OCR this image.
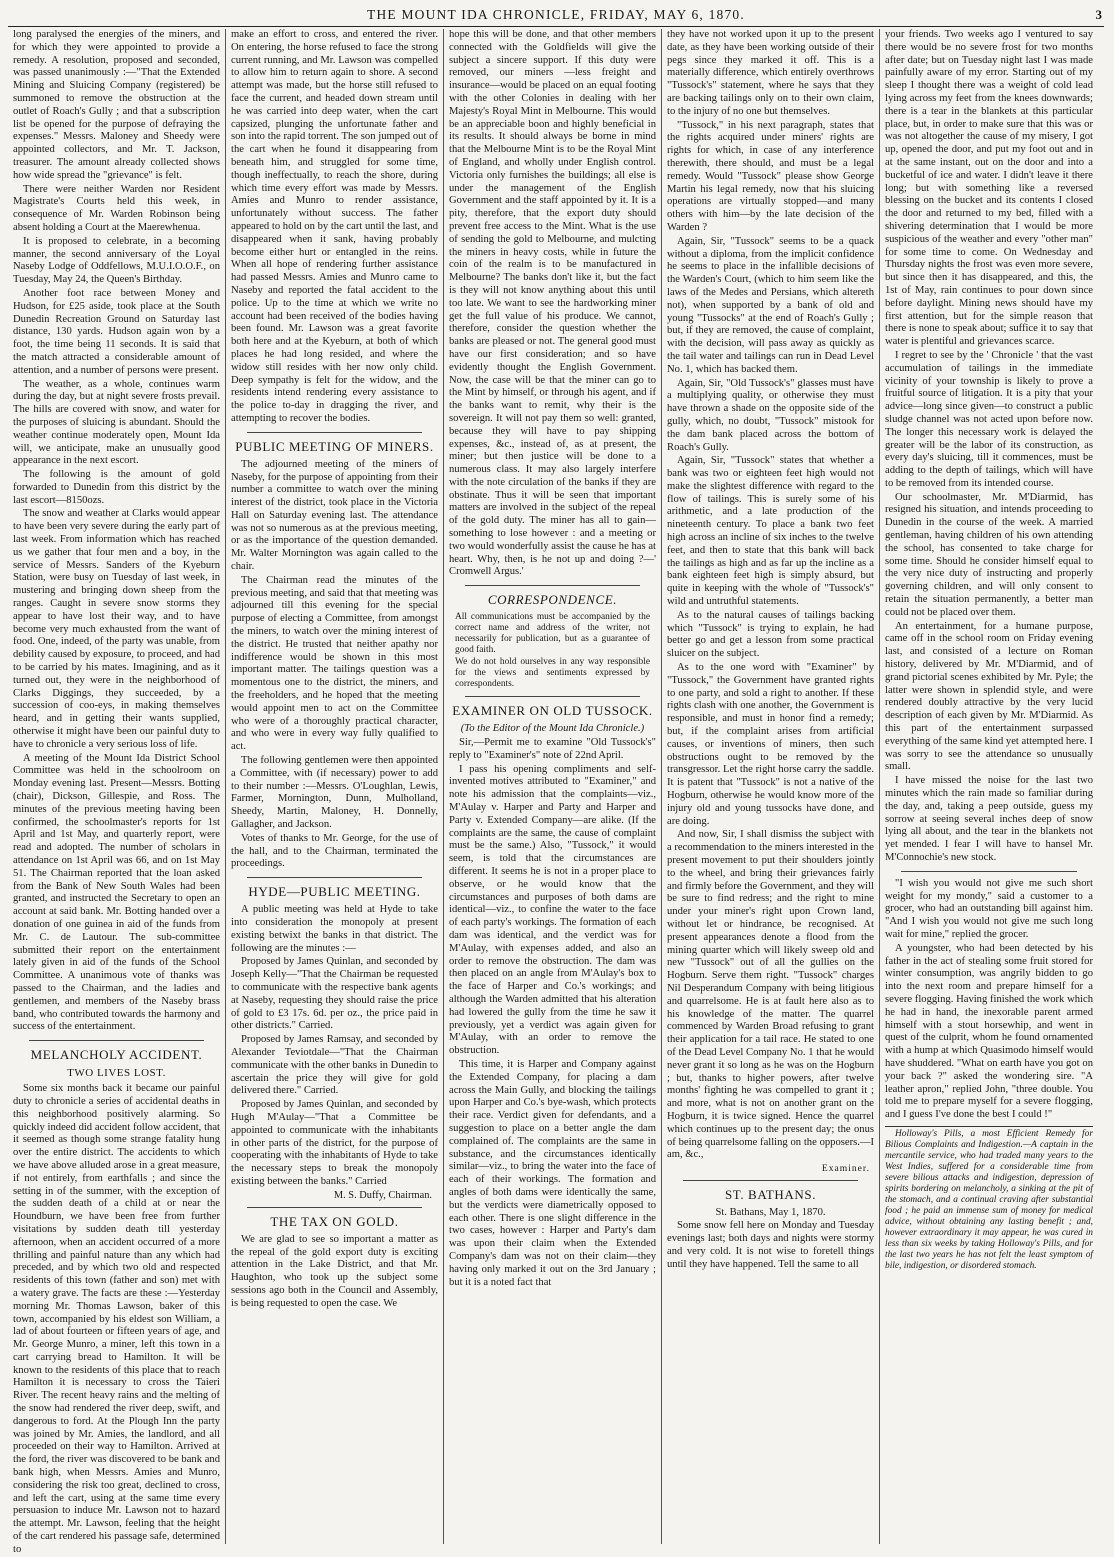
THE MOUNT IDA CHRONICLE, FRIDAY, MAY 6, 1870.	3

long paralysed the energies of the miners, and for which they were appointed to provide a remedy. A resolution, proposed and seconded, was passed unanimously :—"That the Extended Mining and Sluicing Company (registered) be summoned to remove the obstruction at the outlet of Roach's Gully ; and that a subscription list be opened for the purpose of defraying the expenses." Messrs. Maloney and Sheedy were appointed collectors, and Mr. T. Jackson, treasurer. The amount already collected shows how wide spread the "grievance" is felt.

There were neither Warden nor Resident Magistrate's Courts held this week, in consequence of Mr. Warden Robinson being absent holding a Court at the Maerewhenua.

It is proposed to celebrate, in a becoming manner, the second anniversary of the Loyal Naseby Lodge of Oddfellows, M.U.I.O.O.F., on Tuesday, May 24, the Queen's Birthday.

Another foot race between Money and Hudson, for £25 aside, took place at the South Dunedin Recreation Ground on Saturday last distance, 130 yards. Hudson again won by a foot, the time being 11 seconds. It is said that the match attracted a considerable amount of attention, and a number of persons were present.

The weather, as a whole, continues warm during the day, but at night severe frosts prevail. The hills are covered with snow, and water for the purposes of sluicing is abundant. Should the weather continue moderately open, Mount Ida will, we anticipate, make an unusually good appearance in the next escort.

The following is the amount of gold forwarded to Dunedin from this district by the last escort—8150ozs.

The snow and weather at Clarks would appear to have been very severe during the early part of last week. From information which has reached us we gather that four men and a boy, in the service of Messrs. Sanders of the Kyeburn Station, were busy on Tuesday of last week, in mustering and bringing down sheep from the ranges. Caught in severe snow storms they appear to have lost their way, and to have become very much exhausted from the want of food. One, indeed, of the party was unable, from debility caused by exposure, to proceed, and had to be carried by his mates. Imagining, and as it turned out, they were in the neighborhood of Clarks Diggings, they succeeded, by a succession of coo-eys, in making themselves heard, and in getting their wants supplied, otherwise it might have been our painful duty to have to chronicle a very serious loss of life.

A meeting of the Mount Ida District School Committee was held in the schoolroom on Monday evening last. Present—Messrs. Botting (chair), Dickson, Gillespie, and Ross. The minutes of the previous meeting having been confirmed, the schoolmaster's reports for 1st April and 1st May, and quarterly report, were read and adopted. The number of scholars in attendance on 1st April was 66, and on 1st May 51. The Chairman reported that the loan asked from the Bank of New South Wales had been granted, and instructed the Secretary to open an account at said bank. Mr. Botting handed over a donation of one guinea in aid of the funds from Mr. C. de Lautour. The sub-committee submitted their report on the entertainment lately given in aid of the funds of the School Committee. A unanimous vote of thanks was passed to the Chairman, and the ladies and gentlemen, and members of the Naseby brass band, who contributed towards the harmony and success of the entertainment.

MELANCHOLY ACCIDENT.
TWO LIVES LOST.

Some six months back it became our painful duty to chronicle a series of accidental deaths in this neighborhood positively alarming. So quickly indeed did accident follow accident, that it seemed as though some strange fatality hung over the entire district. The accidents to which we have above alluded arose in a great measure, if not entirely, from earthfalls ; and since the setting in of the summer, with the exception of the sudden death of a child at or near the Houndburn, we have been free from further visitations by sudden death till yesterday afternoon, when an accident occurred of a more thrilling and painful nature than any which had preceded, and by which two old and respected residents of this town (father and son) met with a watery grave. The facts are these :—Yesterday morning Mr. Thomas Lawson, baker of this town, accompanied by his eldest son William, a lad of about fourteen or fifteen years of age, and Mr. George Munro, a miner, left this town in a cart carrying bread to Hamilton. It will be known to the residents of this place that to reach Hamilton it is necessary to cross the Taieri River. The recent heavy rains and the melting of the snow had rendered the river deep, swift, and dangerous to ford. At the Plough Inn the party was joined by Mr. Amies, the landlord, and all proceeded on their way to Hamilton. Arrived at the ford, the river was discovered to be bank and bank high, when Messrs. Amies and Munro, considering the risk too great, declined to cross, and left the cart, using at the same time every persuasion to induce Mr. Lawson not to hazard the attempt. Mr. Lawson, feeling that the height of the cart rendered his passage safe, determined to

make an effort to cross, and entered the river. On entering, the horse refused to face the strong current running, and Mr. Lawson was compelled to allow him to return again to shore. A second attempt was made, but the horse still refused to face the current, and headed down stream until he was carried into deep water, when the cart capsized, plunging the unfortunate father and son into the rapid torrent. The son jumped out of the cart when he found it disappearing from beneath him, and struggled for some time, though ineffectually, to reach the shore, during which time every effort was made by Messrs. Amies and Munro to render assistance, unfortunately without success. The father appeared to hold on by the cart until the last, and disappeared when it sank, having probably become either hurt or entangled in the reins. When all hope of rendering further assistance had passed Messrs. Amies and Munro came to Naseby and reported the fatal accident to the police. Up to the time at which we write no account had been received of the bodies having been found. Mr. Lawson was a great favorite both here and at the Kyeburn, at both of which places he had long resided, and where the widow still resides with her now only child. Deep sympathy is felt for the widow, and the residents intend rendering every assistance to the police to-day in dragging the river, and attempting to recover the bodies.

PUBLIC MEETING OF MINERS.

The adjourned meeting of the miners of Naseby, for the purpose of appointing from their number a committee to watch over the mining interest of the district, took place in the Victoria Hall on Saturday evening last. The attendance was not so numerous as at the previous meeting, or as the importance of the question demanded. Mr. Walter Mornington was again called to the chair.

The Chairman read the minutes of the previous meeting, and said that that meeting was adjourned till this evening for the special purpose of electing a Committee, from amongst the miners, to watch over the mining interest of the district. He trusted that neither apathy nor indifference would be shown in this most important matter. The tailings question was a momentous one to the district, the miners, and the freeholders, and he hoped that the meeting would appoint men to act on the Committee who were of a thoroughly practical character, and who were in every way fully qualified to act.

The following gentlemen were then appointed a Committee, with (if necessary) power to add to their number :—Messrs. O'Loughlan, Lewis, Farmer, Mornington, Dunn, Mulholland, Sheedy, Martin, Maloney, H. Donnelly, Gallagher, and Jackson.

Votes of thanks to Mr. George, for the use of the hall, and to the Chairman, terminated the proceedings.

HYDE—PUBLIC MEETING.

A public meeting was held at Hyde to take into consideration the monopoly at present existing betwixt the banks in that district. The following are the minutes :—

Proposed by James Quinlan, and seconded by Joseph Kelly—"That the Chairman be requested to communicate with the respective bank agents at Naseby, requesting they should raise the price of gold to £3 17s. 6d. per oz., the price paid in other districts." Carried.

Proposed by James Ramsay, and seconded by Alexander Teviotdale—"That the Chairman communicate with the other banks in Dunedin to ascertain the price they will give for gold delivered there." Carried.

Proposed by James Quinlan, and seconded by Hugh M'Aulay—"That a Committee be appointed to communicate with the inhabitants in other parts of the district, for the purpose of cooperating with the inhabitants of Hyde to take the necessary steps to break the monopoly existing between the banks." Carried

M. S. Duffy, Chairman.
THE TAX ON GOLD.

We are glad to see so important a matter as the repeal of the gold export duty is exciting attention in the Lake District, and that Mr. Haughton, who took up the subject some sessions ago both in the Council and Assembly, is being requested to open the case. We

hope this will be done, and that other members connected with the Goldfields will give the subject a sincere support. If this duty were removed, our miners —less freight and insurance—would be placed on an equal footing with the other Colonies in dealing with her Majesty's Royal Mint in Melbourne. This would be an appreciable boon and highly beneficial in its results. It should always be borne in mind that the Melbourne Mint is to be the Royal Mint of England, and wholly under English control. Victoria only furnishes the buildings; all else is under the management of the English Government and the staff appointed by it. It is a pity, therefore, that the export duty should prevent free access to the Mint. What is the use of sending the gold to Melbourne, and mulcting the miners in heavy costs, while in future the coin of the realm is to be manufactured in Melbourne? The banks don't like it, but the fact is they will not know anything about this until too late. We want to see the hardworking miner get the full value of his produce. We cannot, therefore, consider the question whether the banks are pleased or not. The general good must have our first consideration; and so have evidently thought the English Government. Now, the case will be that the miner can go to the Mint by himself, or through his agent, and if the banks want to remit, why their is the sovereign. It will not pay them so well: granted, because they will have to pay shipping expenses, &c., instead of, as at present, the miner; but then justice will be done to a numerous class. It may also largely interfere with the note circulation of the banks if they are obstinate. Thus it will be seen that important matters are involved in the subject of the repeal of the gold duty. The miner has all to gain—something to lose however : and a meeting or two would wonderfully assist the cause he has at heart. Why, then, is he not up and doing ?—' Cromwell Argus.'

CORRESPONDENCE.

All communications must be accompanied by the correct name and address of the writer, not necessarily for publication, but as a guarantee of good faith.

We do not hold ourselves in any way responsible for the views and sentiments expressed by correspondents.

EXAMINER ON OLD TUSSOCK.

(To the Editor of the Mount Ida Chronicle.)

Sir,—Permit me to examine "Old Tussock's" reply to "Examiner's" note of 22nd April.

I pass his opening compliments and self-invented motives attributed to "Examiner," and note his admission that the complaints—viz., M'Aulay v. Harper and Party and Harper and Party v. Extended Company—are alike. (If the complaints are the same, the cause of complaint must be the same.) Also, "Tussock," it would seem, is told that the circumstances are different. It seems he is not in a proper place to observe, or he would know that the circumstances and purposes of both dams are identical—viz., to confine the water to the face of each party's workings. The formation of each dam was identical, and the verdict was for M'Aulay, with expenses added, and also an order to remove the obstruction. The dam was then placed on an angle from M'Aulay's box to the face of Harper and Co.'s workings; and although the Warden admitted that his alteration had lowered the gully from the time he saw it previously, yet a verdict was again given for M'Aulay, with an order to remove the obstruction.

This time, it is Harper and Company against the Extended Company, for placing a dam across the Main Gully, and blocking the tailings upon Harper and Co.'s bye-wash, which protects their race. Verdict given for defendants, and a suggestion to place on a better angle the dam complained of. The complaints are the same in substance, and the circumstances identically similar—viz., to bring the water into the face of each of their workings. The formation and angles of both dams were identically the same, but the verdicts were diametrically opposed to each other. There is one slight difference in the two cases, however : Harper and Party's dam was upon their claim when the Extended Company's dam was not on their claim—they having only marked it out on the 3rd January ; but it is a noted fact that

they have not worked upon it up to the present date, as they have been working outside of their pegs since they marked it off. This is a materially difference, which entirely overthrows "Tussock's" statement, where he says that they are backing tailings only on to their own claim, to the injury of no one but themselves.

"Tussock," in his next paragraph, states that the rights acquired under miners' rights are rights for which, in case of any interference therewith, there should, and must be a legal remedy. Would "Tussock" please show George Martin his legal remedy, now that his sluicing operations are virtually stopped—and many others with him—by the late decision of the Warden ?

Again, Sir, "Tussock" seems to be a quack without a diploma, from the implicit confidence he seems to place in the infallible decisions of the Warden's Court, (which to him seem like the laws of the Medes and Persians, which altereth not), when supported by a bank of old and young "Tussocks" at the end of Roach's Gully ; but, if they are removed, the cause of complaint, with the decision, will pass away as quickly as the tail water and tailings can run in Dead Level No. 1, which has backed them.

Again, Sir, "Old Tussock's" glasses must have a multiplying quality, or otherwise they must have thrown a shade on the opposite side of the gully, which, no doubt, "Tussock" mistook for the dam bank placed across the bottom of Roach's Gully.

Again, Sir, "Tussock" states that whether a bank was two or eighteen feet high would not make the slightest difference with regard to the flow of tailings. This is surely some of his arithmetic, and a late production of the nineteenth century. To place a bank two feet high across an incline of six inches to the twelve feet, and then to state that this bank will back the tailings as high and as far up the incline as a bank eighteen feet high is simply absurd, but quite in keeping with the whole of "Tussock's" wild and untruthful statements.

As to the natural causes of tailings backing which "Tussock" is trying to explain, he had better go and get a lesson from some practical sluicer on the subject.

As to the one word with "Examiner" by "Tussock," the Government have granted rights to one party, and sold a right to another. If these rights clash with one another, the Government is responsible, and must in honor find a remedy; but, if the complaint arises from artificial causes, or inventions of miners, then such obstructions ought to be removed by the transgressor. Let the right horse carry the saddle. It is patent that "Tussock" is not a native of the Hogburn, otherwise he would know more of the injury old and young tussocks have done, and are doing.

And now, Sir, I shall dismiss the subject with a recommendation to the miners interested in the present movement to put their shoulders jointly to the wheel, and bring their grievances fairly and firmly before the Government, and they will be sure to find redress; and the right to mine under your miner's right upon Crown land, without let or hindrance, be recognised. At present appearances denote a flood from the mining quarter which will likely sweep old and new "Tussock" out of all the gullies on the Hogburn. Serve them right. "Tussock" charges Nil Desperandum Company with being litigious and quarrelsome. He is at fault here also as to his knowledge of the matter. The quarrel commenced by Warden Broad refusing to grant their application for a tail race. He stated to one of the Dead Level Company No. 1 that he would never grant it so long as he was on the Hogburn ; but, thanks to higher powers, after twelve months' fighting he was compelled to grant it ; and more, what is not on another grant on the Hogburn, it is twice signed. Hence the quarrel which continues up to the present day; the onus of being quarrelsome falling on the opposers.—I am, &c.,

Examiner.
ST. BATHANS.
St. Bathans, May 1, 1870.

Some snow fell here on Monday and Tuesday evenings last; both days and nights were stormy and very cold. It is not wise to foretell things until they have happened. Tell the same to all

your friends. Two weeks ago I ventured to say there would be no severe frost for two months after date; but on Tuesday night last I was made painfully aware of my error. Starting out of my sleep I thought there was a weight of cold lead lying across my feet from the knees downwards; there is a tear in the blankets at this particular place, but, in order to make sure that this was or was not altogether the cause of my misery, I got up, opened the door, and put my foot out and in at the same instant, out on the door and into a bucketful of ice and water. I didn't leave it there long; but with something like a reversed blessing on the bucket and its contents I closed the door and returned to my bed, filled with a shivering determination that I would be more suspicious of the weather and every "other man" for some time to come. On Wednesday and Thursday nights the frost was even more severe, but since then it has disappeared, and this, the 1st of May, rain continues to pour down since before daylight. Mining news should have my first attention, but for the simple reason that there is none to speak about; suffice it to say that water is plentiful and grievances scarce.

I regret to see by the ' Chronicle ' that the vast accumulation of tailings in the immediate vicinity of your township is likely to prove a fruitful source of litigation. It is a pity that your advice—long since given—to construct a public sludge channel was not acted upon before now. The longer this necessary work is delayed the greater will be the labor of its construction, as every day's sluicing, till it commences, must be adding to the depth of tailings, which will have to be removed from its intended course.

Our schoolmaster, Mr. M'Diarmid, has resigned his situation, and intends proceeding to Dunedin in the course of the week. A married gentleman, having children of his own attending the school, has consented to take charge for some time. Should he consider himself equal to the very nice duty of instructing and properly governing children, and will only consent to retain the situation permanently, a better man could not be placed over them.

An entertainment, for a humane purpose, came off in the school room on Friday evening last, and consisted of a lecture on Roman history, delivered by Mr. M'Diarmid, and of grand pictorial scenes exhibited by Mr. Pyle; the latter were shown in splendid style, and were rendered doubly attractive by the very lucid description of each given by Mr. M'Diarmid. As this part of the entertainment surpassed everything of the same kind yet attempted here. I was sorry to see the attendance so unusually small.

I have missed the noise for the last two minutes which the rain made so familiar during the day, and, taking a peep outside, guess my sorrow at seeing several inches deep of snow lying all about, and the tear in the blankets not yet mended. I fear I will have to hansel Mr. M'Connochie's new stock.

"I wish you would not give me such short weight for my mondy," said a customer to a grocer, who had an outstanding bill against him. "And I wish you would not give me such long wait for mine," replied the grocer.

A youngster, who had been detected by his father in the act of stealing some fruit stored for winter consumption, was angrily bidden to go into the next room and prepare himself for a severe flogging. Having finished the work which he had in hand, the inexorable parent armed himself with a stout horsewhip, and went in quest of the culprit, whom he found ornamented with a hump at which Quasimodo himself would have shuddered. "What on earth have you got on your back ?" asked the wondering sire. "A leather apron," replied John, "three double. You told me to prepare myself for a severe flogging, and I guess I've done the best I could !"

Holloway's Pills, a most Efficient Remedy for Bilious Complaints and Indigestion.—A captain in the mercantile service, who had traded many years to the West Indies, suffered for a considerable time from severe bilious attacks and indigestion, depression of spirits bordering on melancholy, a sinking at the pit of the stomach, and a continual craving after substantial food ; he paid an immense sum of money for medical advice, without obtaining any lasting benefit ; and, however extraordinary it may appear, he was cured in less than six weeks by taking Holloway's Pills, and for the last two years he has not felt the least symptom of bile, indigestion, or disordered stomach.
